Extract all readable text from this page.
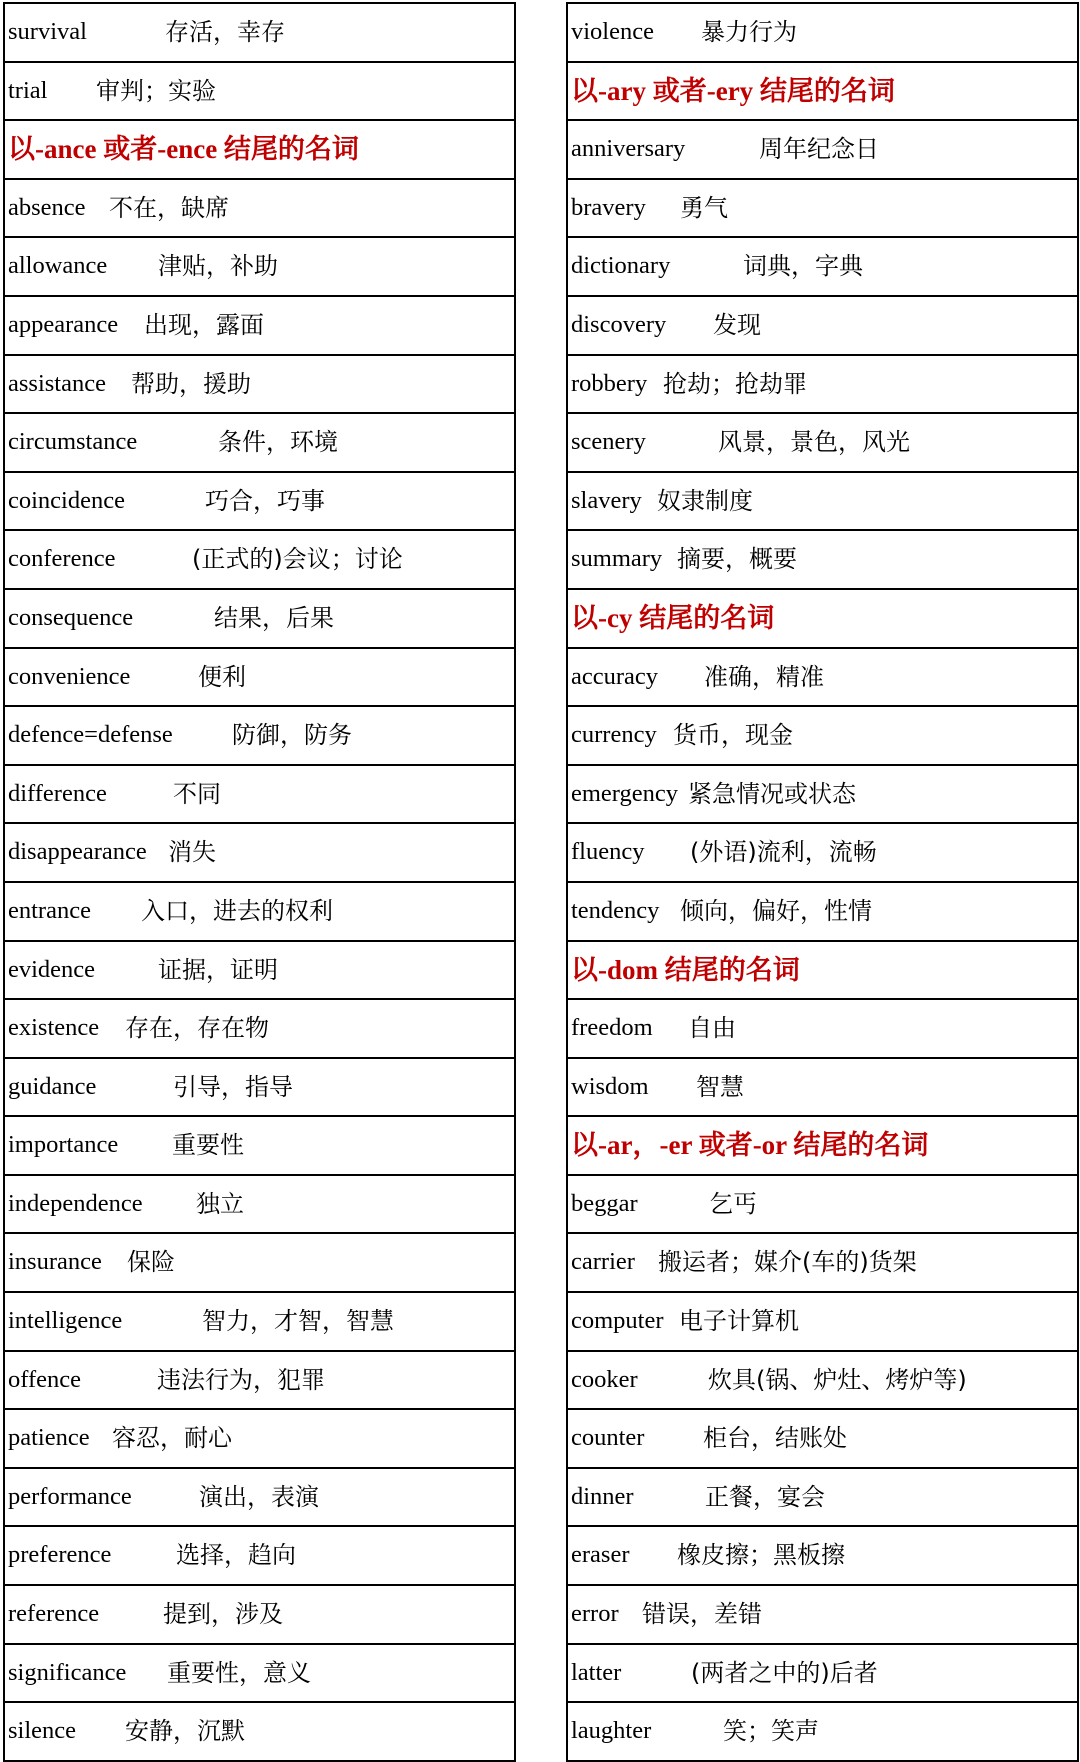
survival	存活，幸存
trial 审判；实验
以-ance 或者-ence 结尾的名词
absence 不在，缺席
allowance 津贴，补助
appearance 出现，露面
assistance 帮助，援助
circumstance	条件，环境
coincidence	巧合，巧事
conference	(正式的)会议；讨论
consequence	结果，后果
convenience	便利
defence=defense 防御，防务
difference	不同
disappearance 消失
entrance 入口，进去的权利
evidence	证据，证明
existence 存在，存在物
guidance	引导，指导
importance 重要性
independence 独立
insurance 保险
intelligence	智力，才智，智慧
offence	违法行为，犯罪
patience 容忍，耐心
performance	演出，表演
preference	选择，趋向
reference	提到，涉及
significance 重要性，意义
silence 安静，沉默
violence 暴力行为
以-ary 或者-ery 结尾的名词
anniversary	周年纪念日
bravery 勇气
dictionary	词典，字典
discovery 发现
robbery 抢劫；抢劫罪
scenery	风景，景色，风光
slavery 奴隶制度
summary 摘要，概要
以-cy 结尾的名词
accuracy 准确，精准
currency 货币，现金
emergency 紧急情况或状态
fluency (外语)流利，流畅
tendency 倾向，偏好，性情
以-dom 结尾的名词
freedom 自由
wisdom 智慧
以-ar，-er 或者-or 结尾的名词
beggar	乞丐
carrier 搬运者；媒介(车的)货架
computer 电子计算机
cooker	炊具(锅、炉灶、烤炉等)
counter 柜台，结账处
dinner	正餐，宴会
eraser 橡皮擦；黑板擦
error 错误，差错
latter	(两者之中的)后者
laughter	笑；笑声
